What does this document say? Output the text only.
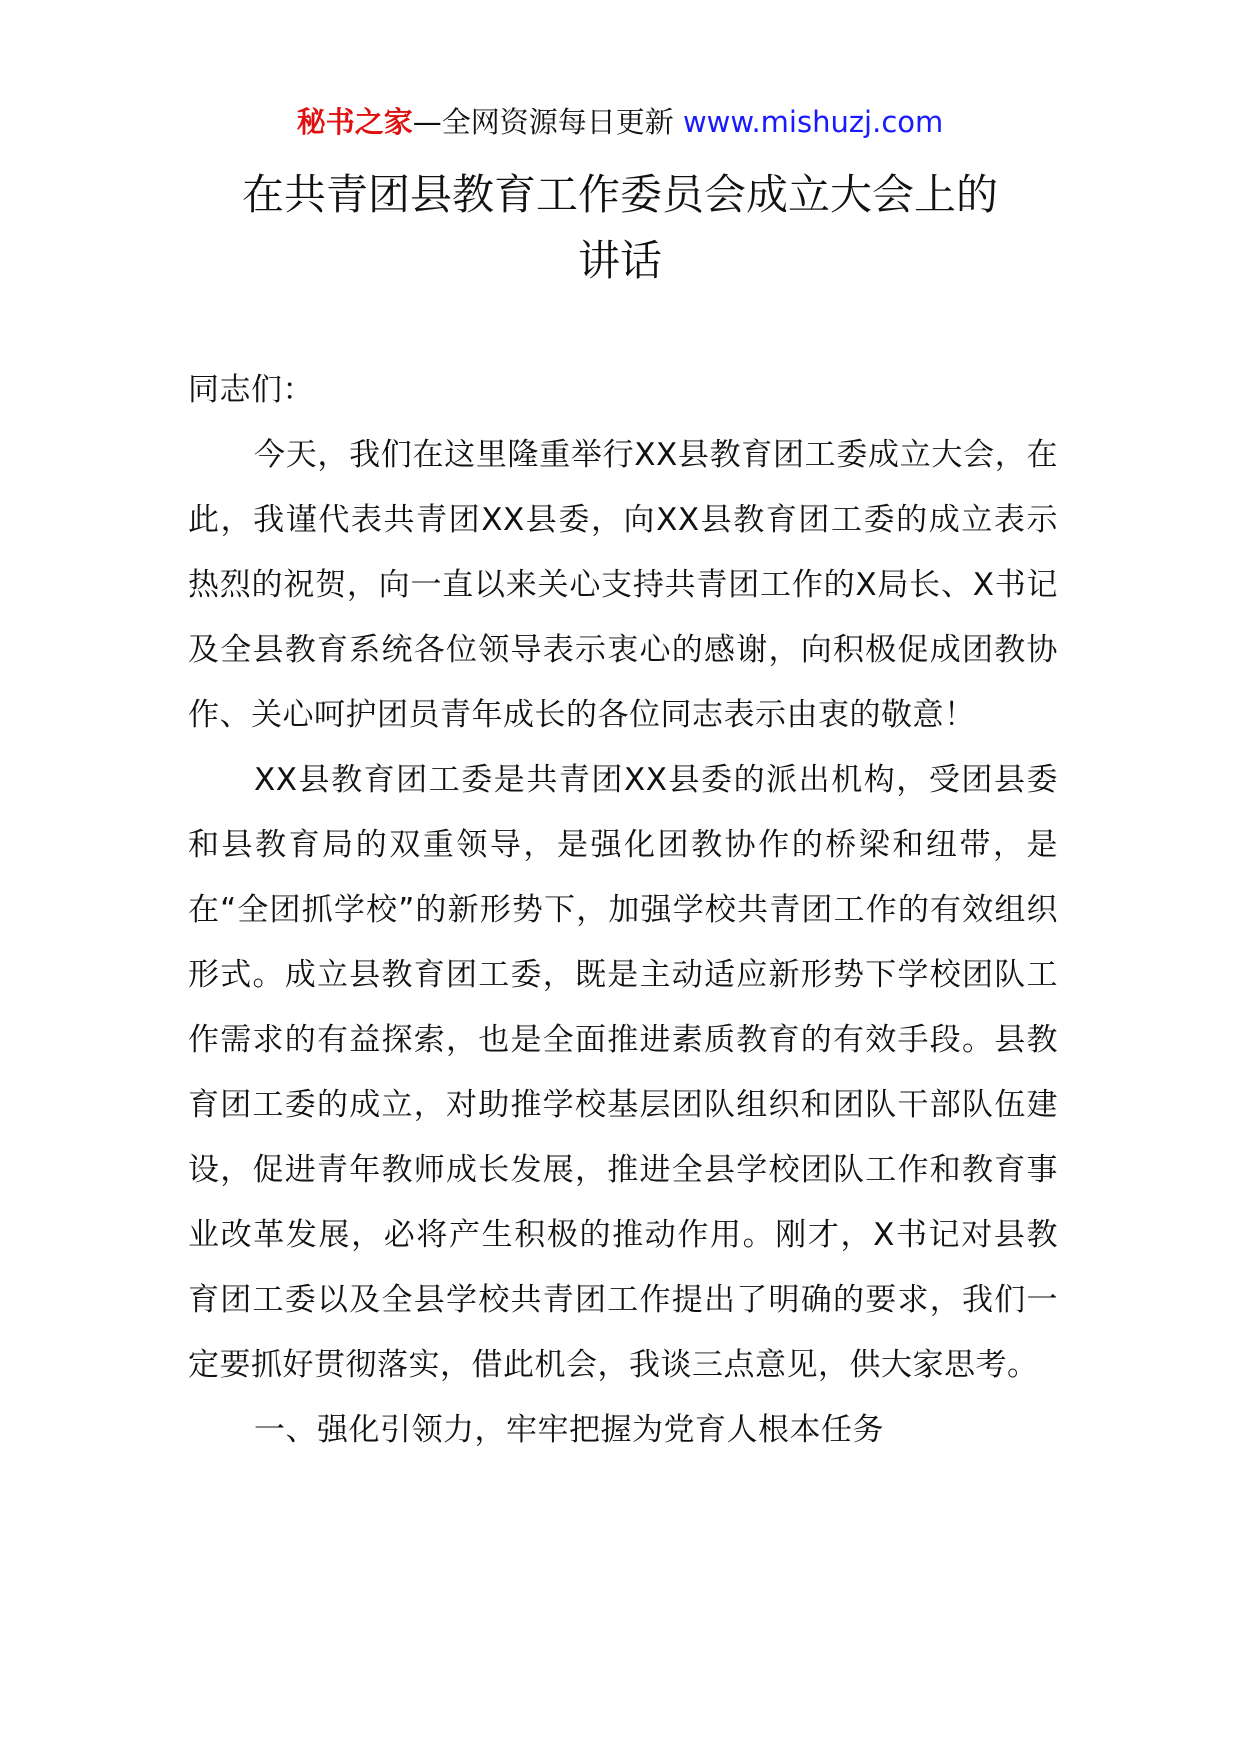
秘书之家—全网资源每日更新 www.mishuzj.com
在共青团县教育工作委员会成立大会上的
讲话

同志们：

今天，我们在这里隆重举行XX县教育团工委成立大会，在此，我谨代表共青团XX县委，向XX县教育团工委的成立表示热烈的祝贺，向一直以来关心支持共青团工作的X局长、X书记及全县教育系统各位领导表示衷心的感谢，向积极促成团教协作、关心呵护团员青年成长的各位同志表示由衷的敬意！

XX县教育团工委是共青团XX县委的派出机构，受团县委和县教育局的双重领导，是强化团教协作的桥梁和纽带，是在“全团抓学校”的新形势下，加强学校共青团工作的有效组织形式。成立县教育团工委，既是主动适应新形势下学校团队工作需求的有益探索，也是全面推进素质教育的有效手段。县教育团工委的成立，对助推学校基层团队组织和团队干部队伍建设，促进青年教师成长发展，推进全县学校团队工作和教育事业改革发展，必将产生积极的推动作用。刚才，X书记对县教育团工委以及全县学校共青团工作提出了明确的要求，我们一定要抓好贯彻落实，借此机会，我谈三点意见，供大家思考。

一、强化引领力，牢牢把握为党育人根本任务
